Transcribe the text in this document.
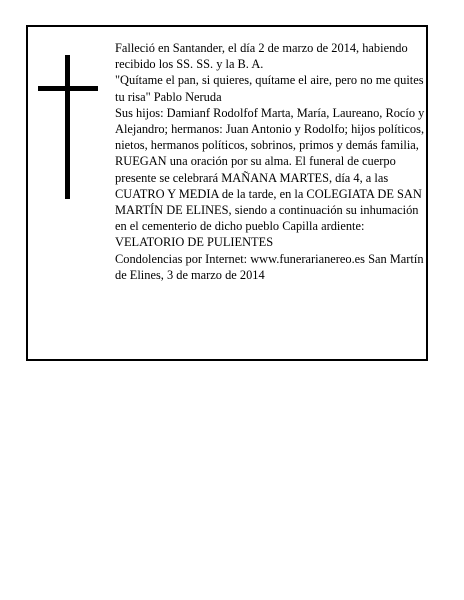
Falleció en Santander, el día 2 de marzo de 2014, habiendo recibido los SS. SS. y la B. A.

"Quítame el pan, si quieres, quítame el aire, pero no me quites tu risa" Pablo Neruda

Sus hijos: Damianf Rodolfof Marta, María, Laureano, Rocío y Alejandro; hermanos: Juan Antonio y Rodolfo; hijos políticos, nietos, hermanos políticos, sobrinos, primos y demás familia,

RUEGAN una oración por su alma. El funeral de cuerpo presente se celebrará MAÑANA MARTES, día 4, a las CUATRO Y MEDIA de la tarde, en la COLEGIATA DE SAN MARTÍN DE ELINES, siendo a continuación su inhumación en el cementerio de dicho pueblo Capilla ardiente: VELATORIO DE PULIENTES

Condolencias por Internet: www.funerarianereo.es San Martín de Elines, 3 de marzo de 2014
